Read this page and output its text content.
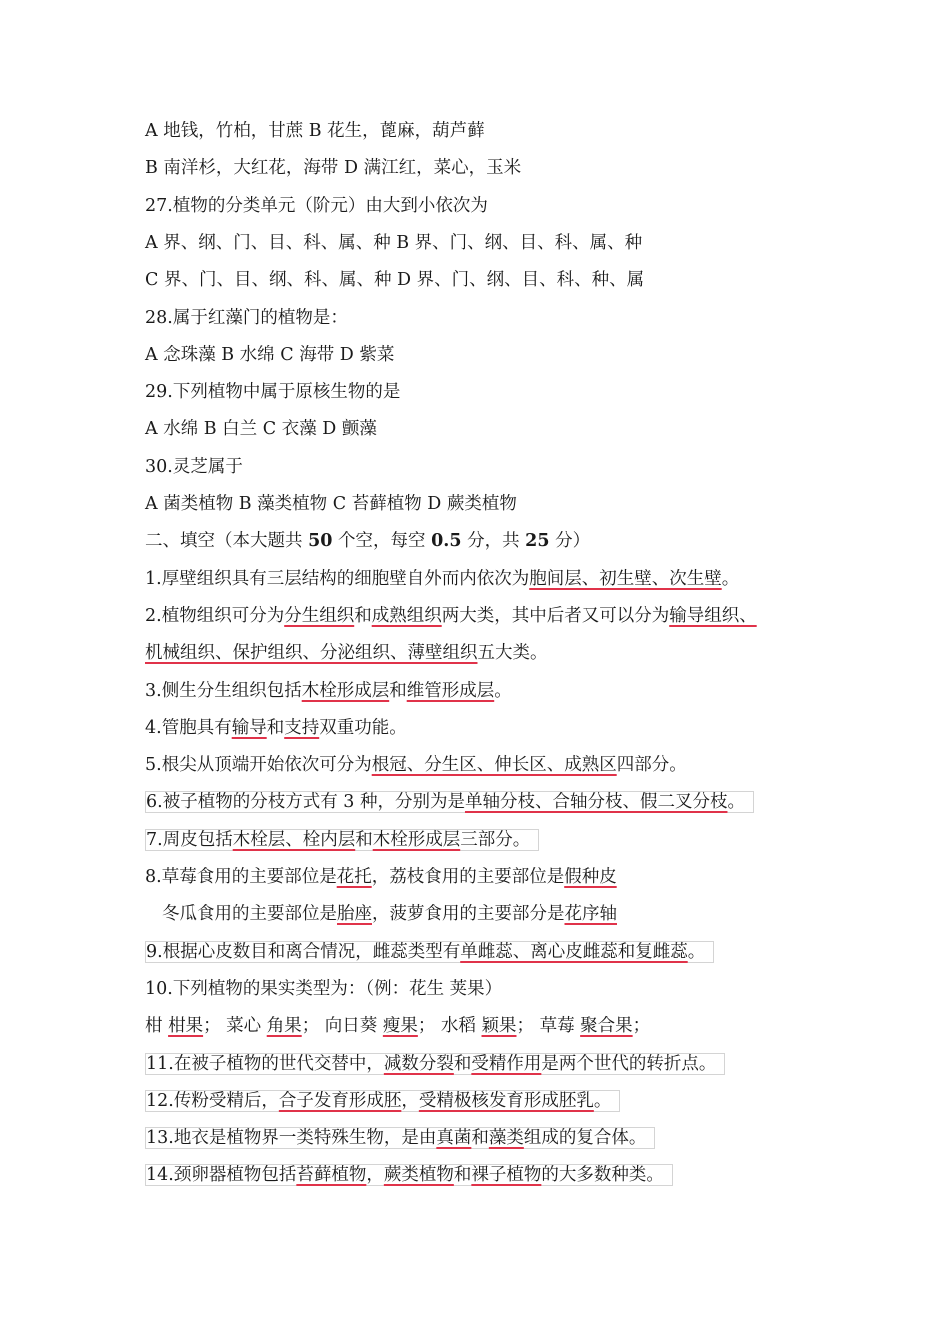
A 地钱，竹柏，甘蔗 B 花生，蓖麻，葫芦藓
B 南洋杉，大红花，海带 D 满江红，菜心，玉米
27.植物的分类单元（阶元）由大到小依次为
A 界、纲、门、目、科、属、种 B 界、门、纲、目、科、属、种
C 界、门、目、纲、科、属、种 D 界、门、纲、目、科、种、属
28.属于红藻门的植物是：
A 念珠藻 B 水绵 C 海带 D 紫菜
29.下列植物中属于原核生物的是
A 水绵 B 白兰 C 衣藻 D 颤藻
30.灵芝属于
A 菌类植物 B 藻类植物 C 苔藓植物 D 蕨类植物
二、填空（本大题共 50 个空，每空 0.5 分，共 25 分）
1.厚壁组织具有三层结构的细胞壁自外而内依次为胞间层、初生壁、次生壁。
2.植物组织可分为分生组织和成熟组织两大类，其中后者又可以分为输导组织、
机械组织、保护组织、分泌组织、薄壁组织五大类。
3.侧生分生组织包括木栓形成层和维管形成层。
4.管胞具有输导和支持双重功能。
5.根尖从顶端开始依次可分为根冠、分生区、伸长区、成熟区四部分。
6.被子植物的分枝方式有 3 种，分别为是单轴分枝、合轴分枝、假二叉分枝。
7.周皮包括木栓层、栓内层和木栓形成层三部分。
8.草莓食用的主要部位是花托，荔枝食用的主要部位是假种皮
冬瓜食用的主要部位是胎座，菠萝食用的主要部分是花序轴
9.根据心皮数目和离合情况，雌蕊类型有单雌蕊、离心皮雌蕊和复雌蕊。
10.下列植物的果实类型为：（例：花生 荚果）
柑 柑果； 菜心 角果； 向日葵 瘦果； 水稻 颖果； 草莓 聚合果；
11.在被子植物的世代交替中，减数分裂和受精作用是两个世代的转折点。
12.传粉受精后，合子发育形成胚，受精极核发育形成胚乳。
13.地衣是植物界一类特殊生物，是由真菌和藻类组成的复合体。
14.颈卵器植物包括苔藓植物，蕨类植物和裸子植物的大多数种类。
